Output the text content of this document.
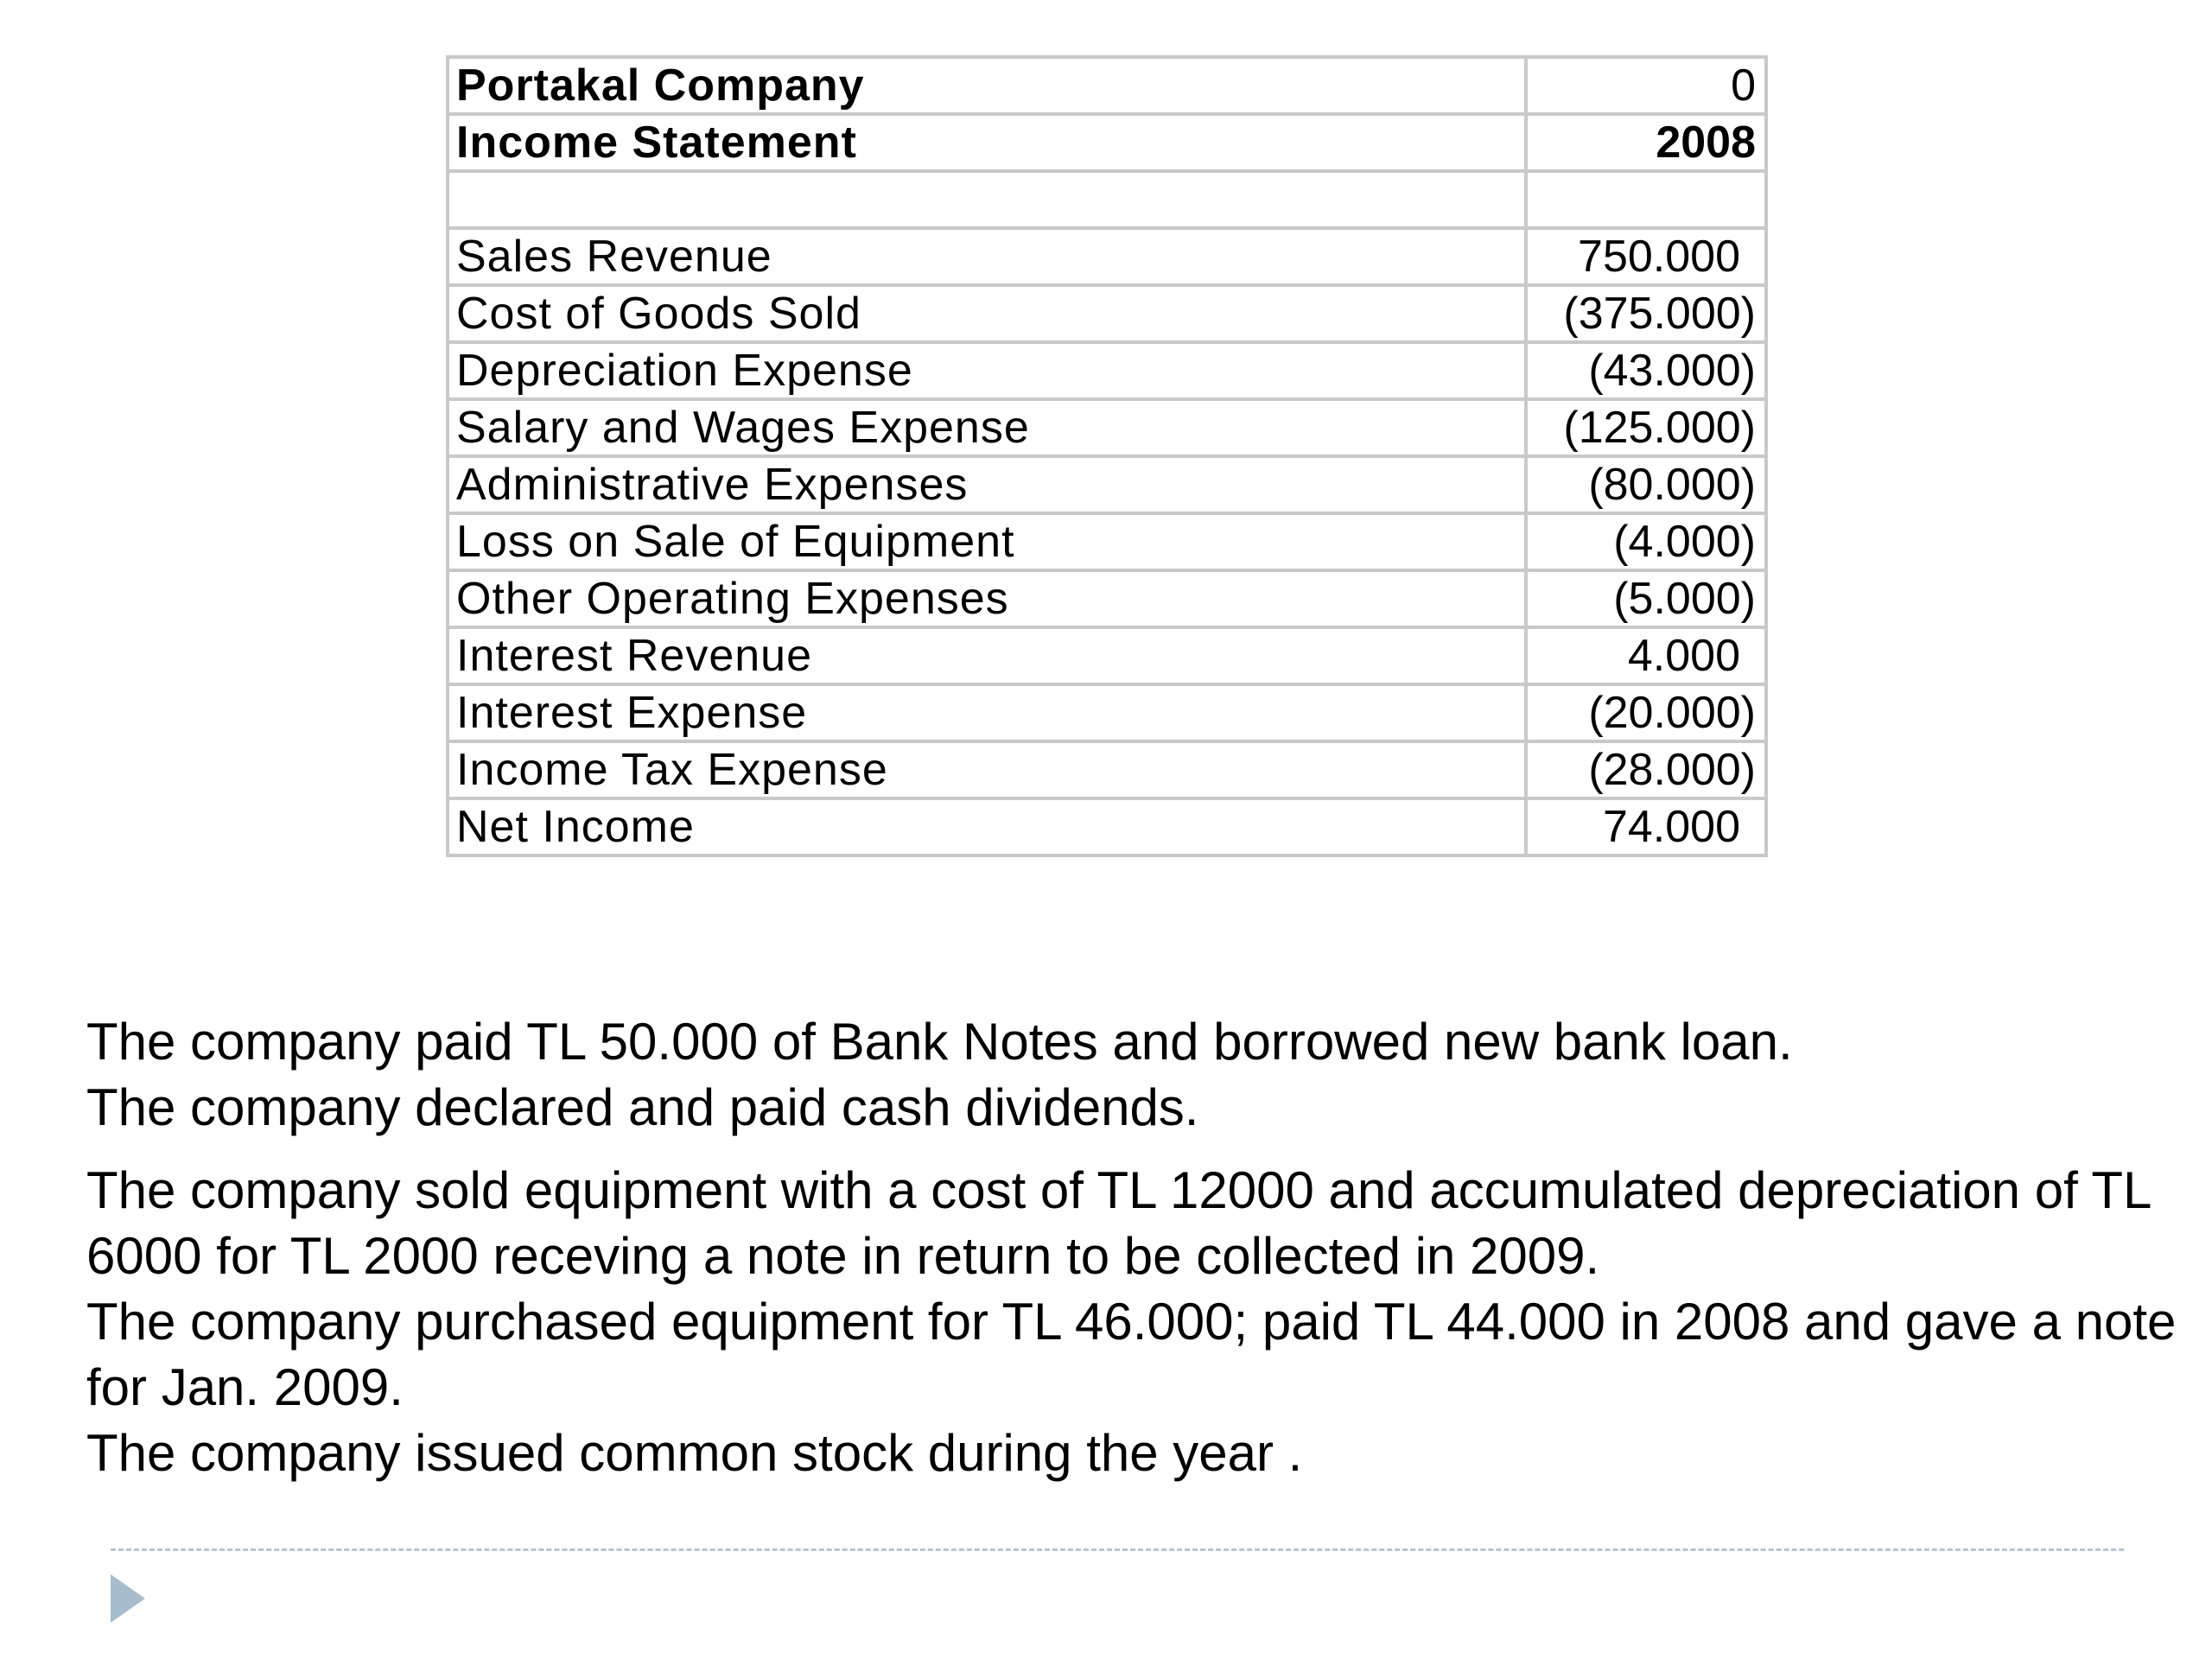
Portakal Company	0
Income Statement	2008

Sales Revenue	750.000
Cost of Goods Sold	(375.000)
Depreciation Expense	(43.000)
Salary and Wages Expense	(125.000)
Administrative Expenses	(80.000)
Loss on Sale of Equipment	(4.000)
Other Operating Expenses	(5.000)
Interest Revenue	4.000
Interest Expense	(20.000)
Income Tax Expense	(28.000)
Net Income	74.000
The company paid TL 50.000 of Bank Notes and borrowed new bank loan.
The company declared and paid cash dividends.
The company sold equipment with a cost of TL 12000 and accumulated depreciation of TL 6000 for TL 2000 receving a note in return to be collected in 2009.
The company purchased equipment for TL 46.000; paid TL 44.000 in 2008 and gave a note for Jan. 2009.
The company issued common stock during the year .
